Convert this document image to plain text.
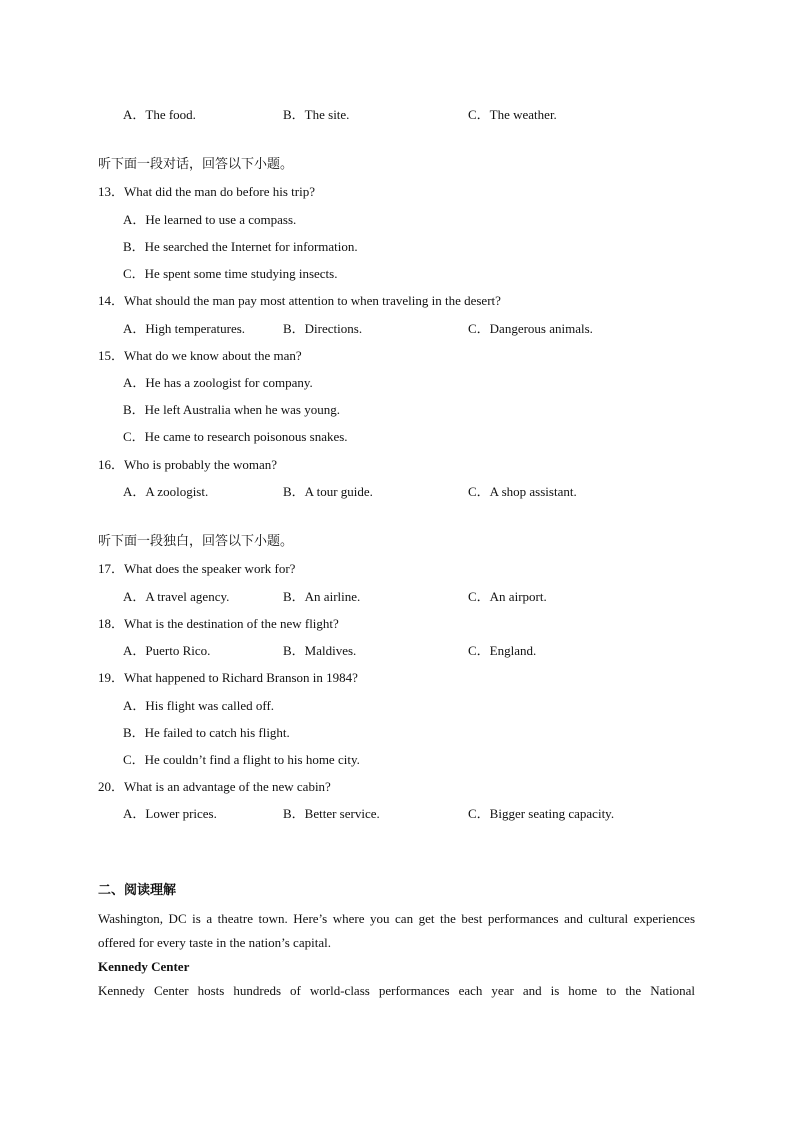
A．The food.	B．The site.	C．The weather.
听下面一段对话，回答以下小题。
13．What did the man do before his trip?
A．He learned to use a compass.
B．He searched the Internet for information.
C．He spent some time studying insects.
14．What should the man pay most attention to when traveling in the desert?
A．High temperatures.	B．Directions.	C．Dangerous animals.
15．What do we know about the man?
A．He has a zoologist for company.
B．He left Australia when he was young.
C．He came to research poisonous snakes.
16．Who is probably the woman?
A．A zoologist.	B．A tour guide.	C．A shop assistant.
听下面一段独白，回答以下小题。
17．What does the speaker work for?
A．A travel agency.	B．An airline.	C．An airport.
18．What is the destination of the new flight?
A．Puerto Rico.	B．Maldives.	C．England.
19．What happened to Richard Branson in 1984?
A．His flight was called off.
B．He failed to catch his flight.
C．He couldn’t find a flight to his home city.
20．What is an advantage of the new cabin?
A．Lower prices.	B．Better service.	C．Bigger seating capacity.
二、阅读理解
Washington, DC is a theatre town. Here’s where you can get the best performances and cultural experiences
offered for every taste in the nation’s capital.
Kennedy Center
Kennedy Center hosts hundreds of world-class performances each year and is home to the National
